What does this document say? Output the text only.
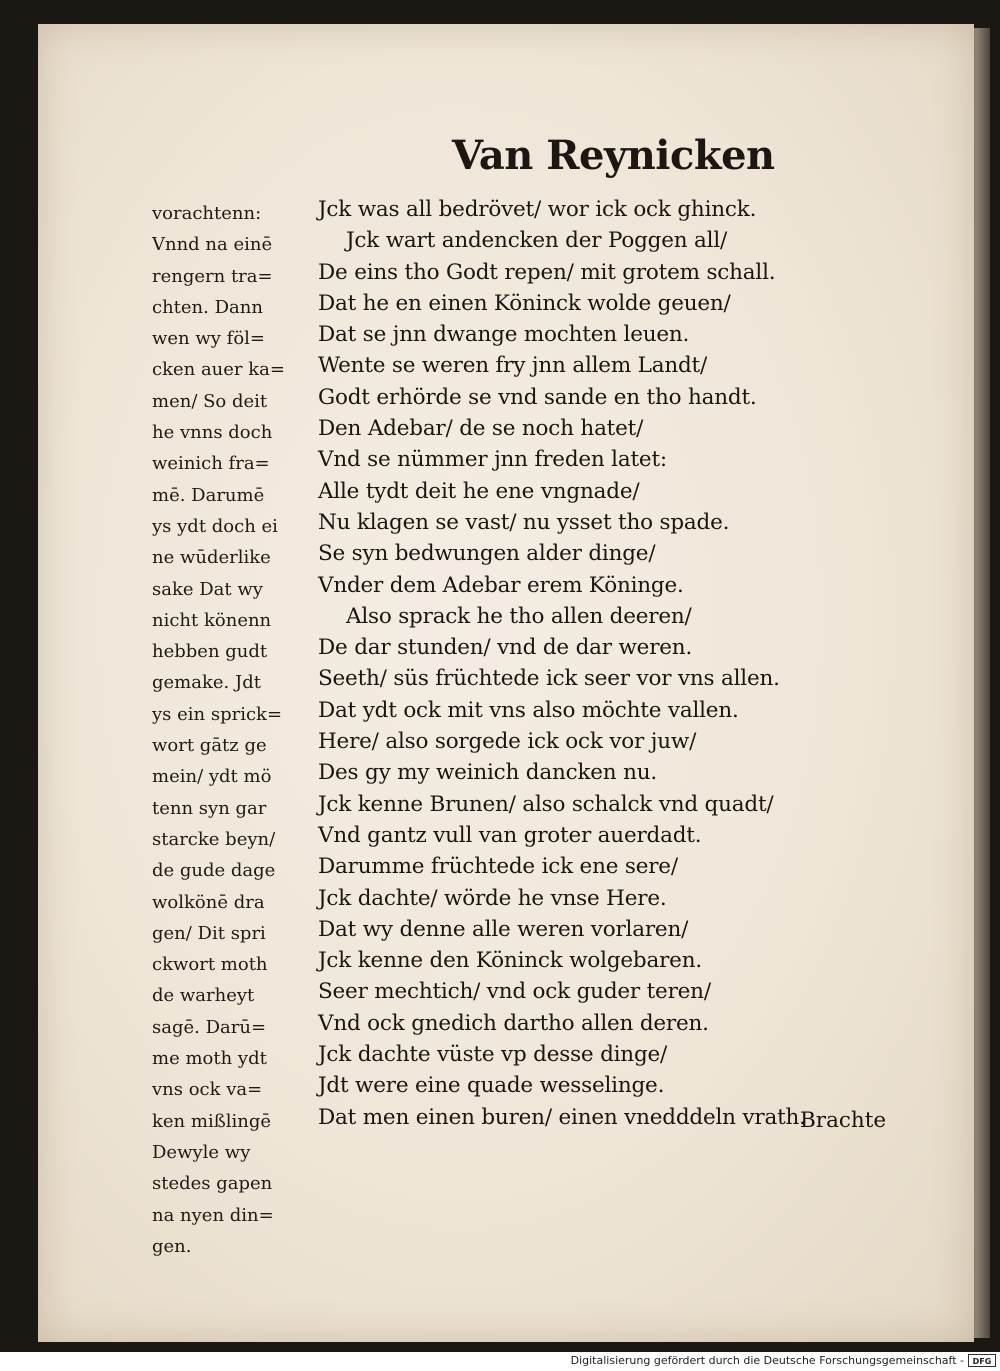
Van Reynicken
vorachtenn:
Vnnd na einē
rengern tra=
chten. Dann
wen wy föl=
cken auer ka=
men/ So deit
he vnns doch
weinich fra=
mē. Darumē
ys ydt doch ei
ne wūderlike
sake Dat wy
nicht könenn
hebben gudt
gemake. Jdt
ys ein sprick=
wort gātz ge
mein/ ydt mö
tenn syn gar
starcke beyn/
de gude dage
wolkönē dra
gen/ Dit spri
ckwort moth
de warheyt
sagē. Darū=
me moth ydt
vns ock va=
ken mißlingē
Dewyle wy
stedes gapen
na nyen din=
gen.
Jck was all bedrövet/ wor ick ock ghinck.
Jck wart andencken der Poggen all/
De eins tho Godt repen/ mit grotem schall.
Dat he en einen Köninck wolde geuen/
Dat se jnn dwange mochten leuen.
Wente se weren fry jnn allem Landt/
Godt erhörde se vnd sande en tho handt.
Den Adebar/ de se noch hatet/
Vnd se nümmer jnn freden latet:
Alle tydt deit he ene vngnade/
Nu klagen se vast/ nu ysset tho spade.
Se syn bedwungen alder dinge/
Vnder dem Adebar erem Köninge.
Also sprack he tho allen deeren/
De dar stunden/ vnd de dar weren.
Seeth/ süs früchtede ick seer vor vns allen.
Dat ydt ock mit vns also möchte vallen.
Here/ also sorgede ick ock vor juw/
Des gy my weinich dancken nu.
Jck kenne Brunen/ also schalck vnd quadt/
Vnd gantz vull van groter auerdadt.
Darumme früchtede ick ene sere/
Jck dachte/ wörde he vnse Here.
Dat wy denne alle weren vorlaren/
Jck kenne den Köninck wolgebaren.
Seer mechtich/ vnd ock guder teren/
Vnd ock gnedich dartho allen deren.
Jck dachte vüste vp desse dinge/
Jdt were eine quade wesselinge.
Dat men einen buren/ einen vnedddeln vrath.
Brachte
Digitalisierung gefördert durch die Deutsche Forschungsgemeinschaft -	DFG
